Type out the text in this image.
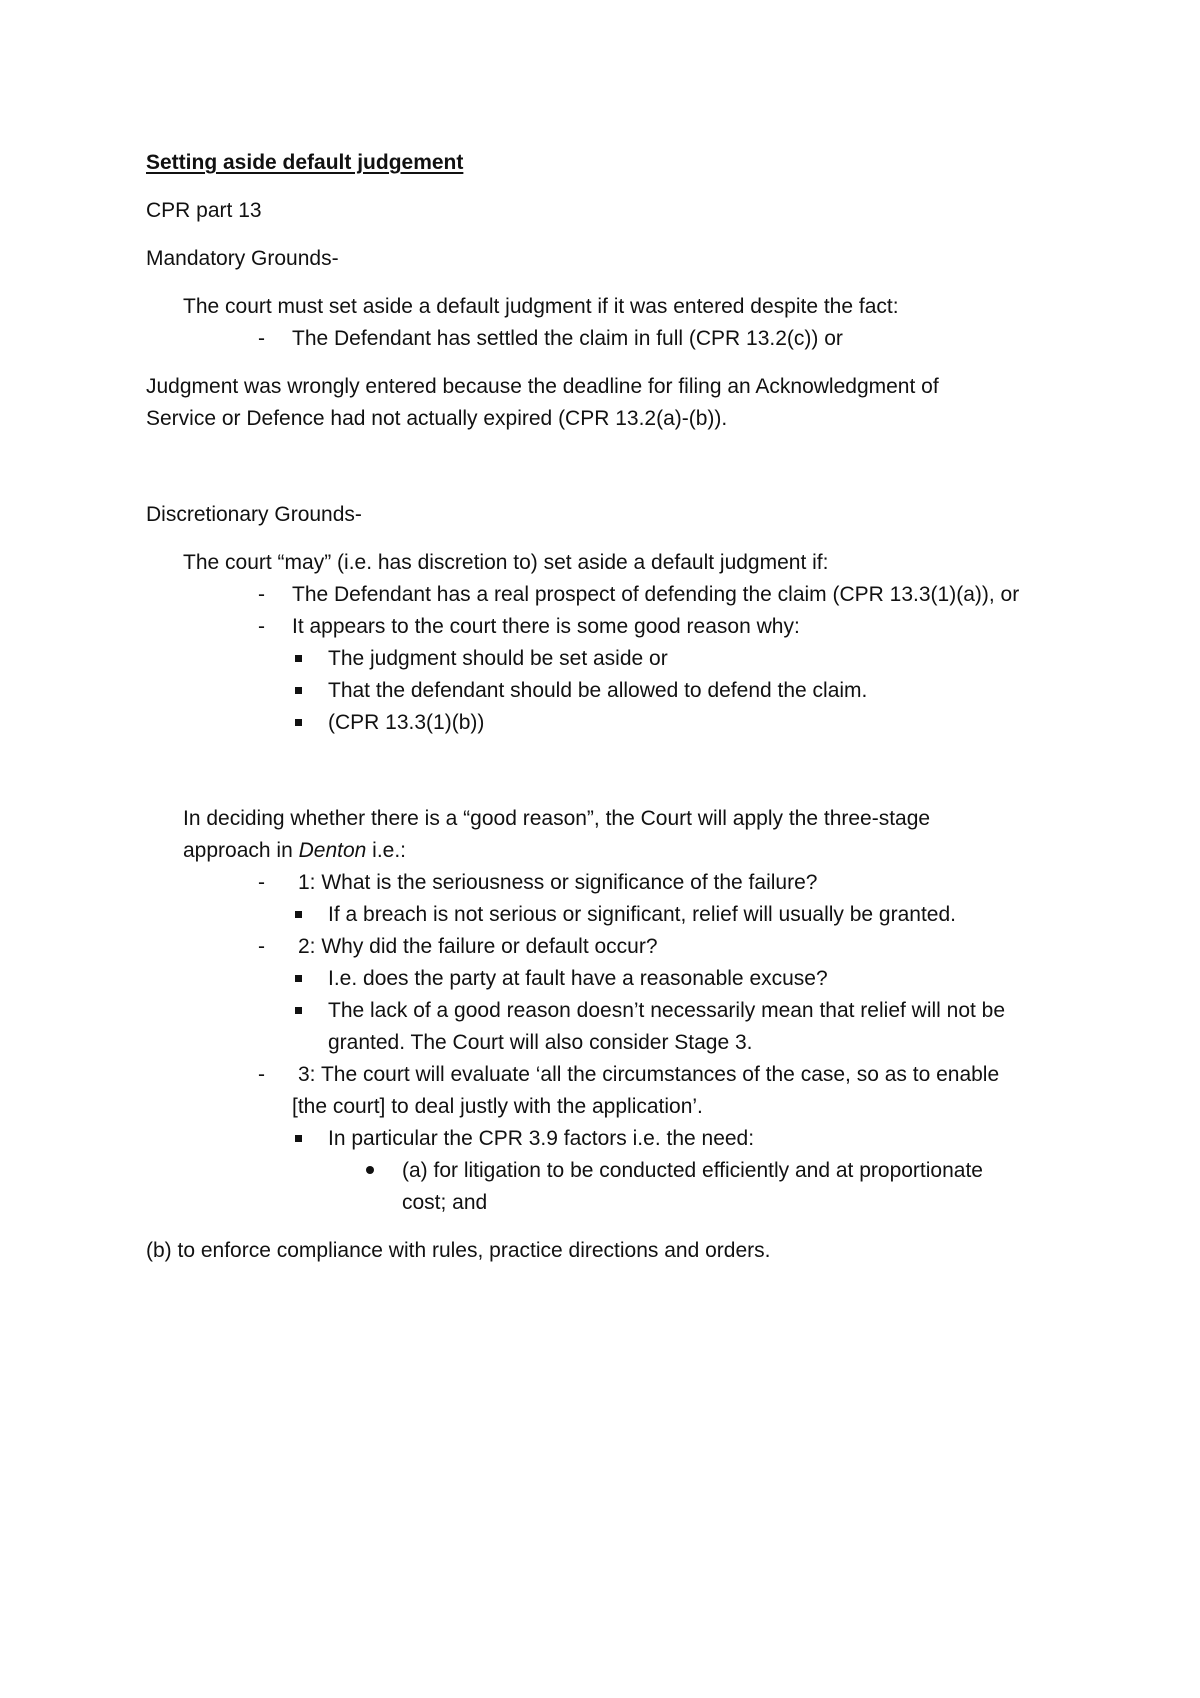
Setting aside default judgement
CPR part 13
Mandatory Grounds-
The court must set aside a default judgment if it was entered despite the fact:
- The Defendant has settled the claim in full (CPR 13.2(c)) or
Judgment was wrongly entered because the deadline for filing an Acknowledgment of
Service or Defence had not actually expired (CPR 13.2(a)-(b)).
Discretionary Grounds-
The court “may” (i.e. has discretion to) set aside a default judgment if:
- The Defendant has a real prospect of defending the claim (CPR 13.3(1)(a)), or
- It appears to the court there is some good reason why:
The judgment should be set aside or
That the defendant should be allowed to defend the claim.
(CPR 13.3(1)(b))
In deciding whether there is a “good reason”, the Court will apply the three-stage
approach in Denton i.e.:
- 1: What is the seriousness or significance of the failure?
If a breach is not serious or significant, relief will usually be granted.
- 2: Why did the failure or default occur?
I.e. does the party at fault have a reasonable excuse?
The lack of a good reason doesn’t necessarily mean that relief will not be
granted. The Court will also consider Stage 3.
- 3: The court will evaluate ‘all the circumstances of the case, so as to enable
[the court] to deal justly with the application’.
In particular the CPR 3.9 factors i.e. the need:
(a) for litigation to be conducted efficiently and at proportionate
cost; and
(b) to enforce compliance with rules, practice directions and orders.
